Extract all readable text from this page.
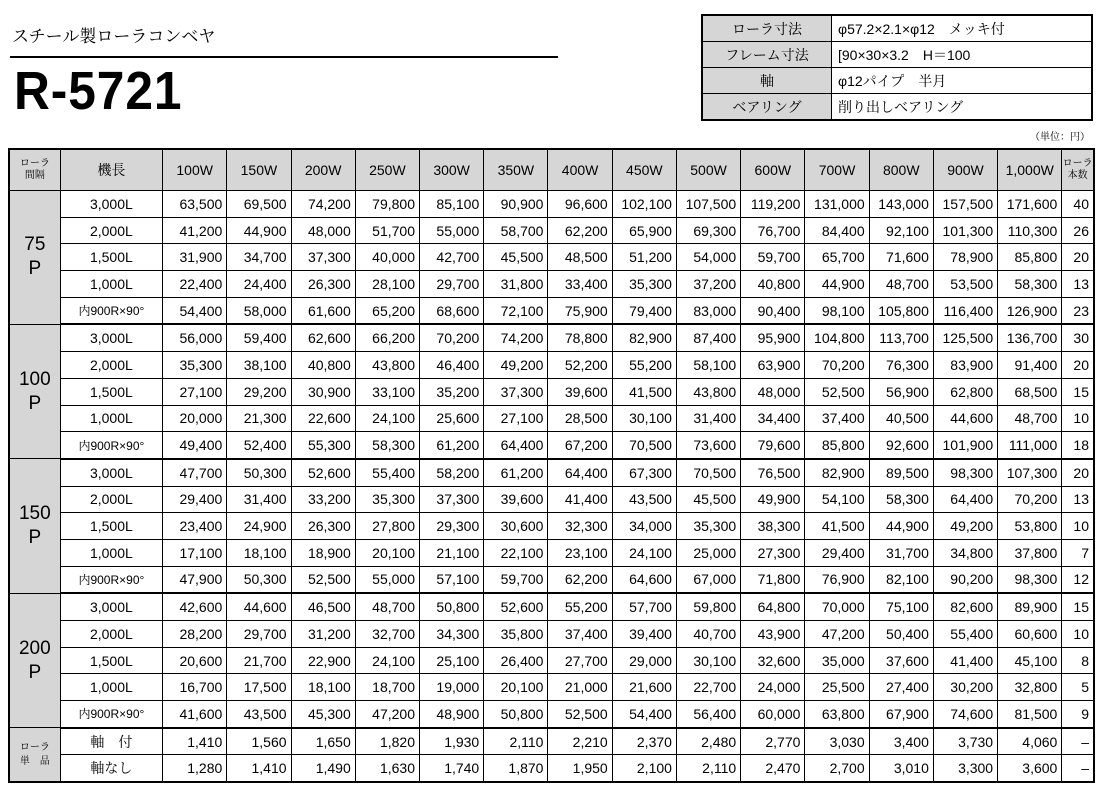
スチール製ローラコンベヤ
R-5721
ローラ寸法	φ57.2×2.1×φ12　メッキ付
フレーム寸法	[90×30×3.2　H＝100
軸	φ12パイプ　半月
ベアリング	削り出しベアリング
（単位：円）
ローラ
間隔	機長	100W	150W	200W	250W	300W	350W	400W	450W	500W	600W	700W	800W	900W	1,000W	ローラ
本数
75
P	3,000L	63,500	69,500	74,200	79,800	85,100	90,900	96,600	102,100	107,500	119,200	131,000	143,000	157,500	171,600	40
	2,000L	41,200	44,900	48,000	51,700	55,000	58,700	62,200	65,900	69,300	76,700	84,400	92,100	101,300	110,300	26
	1,500L	31,900	34,700	37,300	40,000	42,700	45,500	48,500	51,200	54,000	59,700	65,700	71,600	78,900	85,800	20
	1,000L	22,400	24,400	26,300	28,100	29,700	31,800	33,400	35,300	37,200	40,800	44,900	48,700	53,500	58,300	13
	内900R×90°	54,400	58,000	61,600	65,200	68,600	72,100	75,900	79,400	83,000	90,400	98,100	105,800	116,400	126,900	23
100
P	3,000L	56,000	59,400	62,600	66,200	70,200	74,200	78,800	82,900	87,400	95,900	104,800	113,700	125,500	136,700	30
	2,000L	35,300	38,100	40,800	43,800	46,400	49,200	52,200	55,200	58,100	63,900	70,200	76,300	83,900	91,400	20
	1,500L	27,100	29,200	30,900	33,100	35,200	37,300	39,600	41,500	43,800	48,000	52,500	56,900	62,800	68,500	15
	1,000L	20,000	21,300	22,600	24,100	25,600	27,100	28,500	30,100	31,400	34,400	37,400	40,500	44,600	48,700	10
	内900R×90°	49,400	52,400	55,300	58,300	61,200	64,400	67,200	70,500	73,600	79,600	85,800	92,600	101,900	111,000	18
150
P	3,000L	47,700	50,300	52,600	55,400	58,200	61,200	64,400	67,300	70,500	76,500	82,900	89,500	98,300	107,300	20
	2,000L	29,400	31,400	33,200	35,300	37,300	39,600	41,400	43,500	45,500	49,900	54,100	58,300	64,400	70,200	13
	1,500L	23,400	24,900	26,300	27,800	29,300	30,600	32,300	34,000	35,300	38,300	41,500	44,900	49,200	53,800	10
	1,000L	17,100	18,100	18,900	20,100	21,100	22,100	23,100	24,100	25,000	27,300	29,400	31,700	34,800	37,800	7
	内900R×90°	47,900	50,300	52,500	55,000	57,100	59,700	62,200	64,600	67,000	71,800	76,900	82,100	90,200	98,300	12
200
P	3,000L	42,600	44,600	46,500	48,700	50,800	52,600	55,200	57,700	59,800	64,800	70,000	75,100	82,600	89,900	15
	2,000L	28,200	29,700	31,200	32,700	34,300	35,800	37,400	39,400	40,700	43,900	47,200	50,400	55,400	60,600	10
	1,500L	20,600	21,700	22,900	24,100	25,100	26,400	27,700	29,000	30,100	32,600	35,000	37,600	41,400	45,100	8
	1,000L	16,700	17,500	18,100	18,700	19,000	20,100	21,000	21,600	22,700	24,000	25,500	27,400	30,200	32,800	5
	内900R×90°	41,600	43,500	45,300	47,200	48,900	50,800	52,500	54,400	56,400	60,000	63,800	67,900	74,600	81,500	9
ローラ
単　品	軸　付	1,410	1,560	1,650	1,820	1,930	2,110	2,210	2,370	2,480	2,770	3,030	3,400	3,730	4,060	–
	軸なし	1,280	1,410	1,490	1,630	1,740	1,870	1,950	2,100	2,110	2,470	2,700	3,010	3,300	3,600	–
